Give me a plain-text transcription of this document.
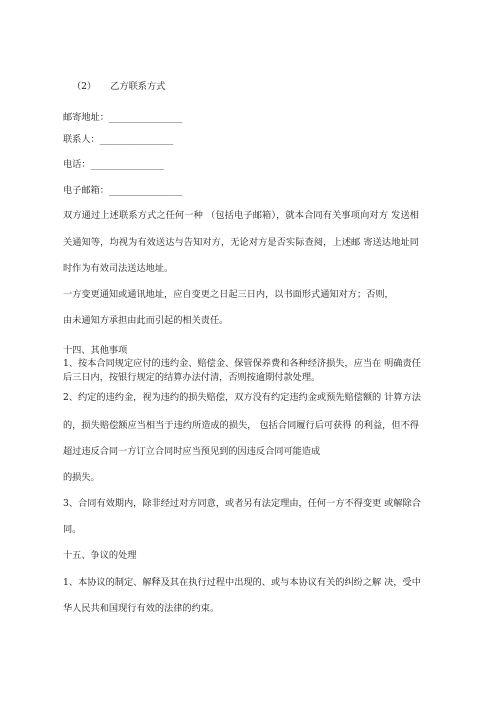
（2） 乙方联系方式
邮寄地址：________________
联系人：________________
电话：________________
电子邮箱：________________
双方通过上述联系方式之任何一种 （包括电子邮箱），就本合同有关事项向对方 发送相
关通知等，均视为有效送达与告知对方，无论对方是否实际查阅，上述邮 寄送达地址同
时作为有效司法送达地址。
一方变更通知或通讯地址，应自变更之日起三日内，以书面形式通知对方；否则，
由未通知方承担由此而引起的相关责任。
十四、其他事项
1、按本合同规定应付的违约金、赔偿金、保管保养费和各种经济损失，应当在 明确责任
后三日内，按银行规定的结算办法付清，否则按逾期付款处理。
2、约定的违约金，视为违约的损失赔偿，双方没有约定违约金或预先赔偿额的 计算方法
的，损失赔偿额应当相当于违约所造成的损失， 包括合同履行后可获得 的利益，但不得
超过违反合同一方订立合同时应当预见到的因违反合同可能造成
的损失。
3、合同有效期内，除非经过对方同意，或者另有法定理由，任何一方不得变更 或解除合
同。
十五、争议的处理
1、本协议的制定、解释及其在执行过程中出现的、或与本协议有关的纠纷之解 决，受中
华人民共和国现行有效的法律的约束。
